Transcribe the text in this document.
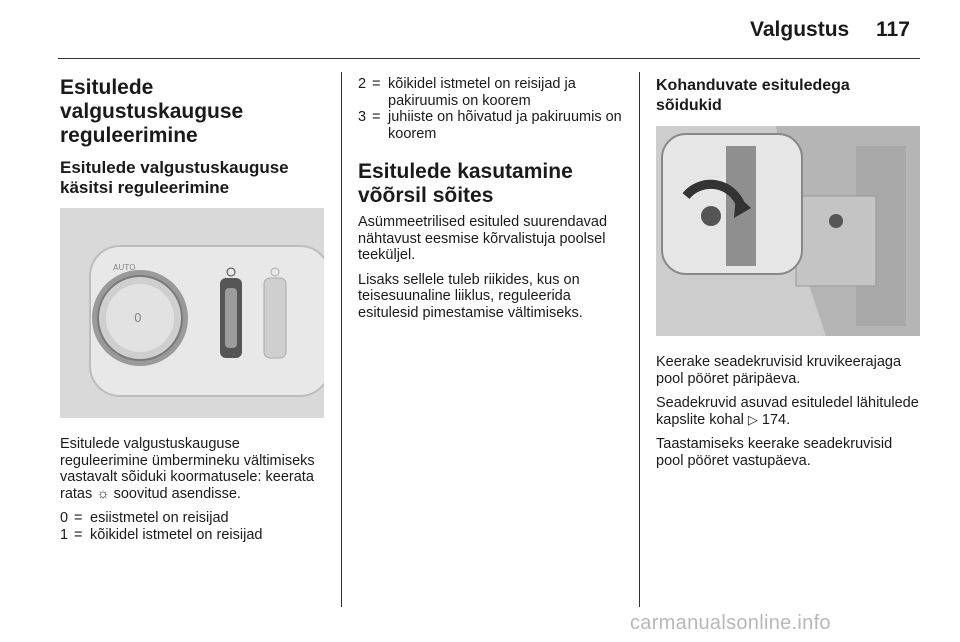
Valgustus 117
Esitulede valgustuskauguse reguleerimine
Esitulede valgustuskauguse käsitsi reguleerimine
0
AUTO

Esitulede valgustuskauguse reguleerimine ümbermineku vältimiseks vastavalt sõiduki koormatusele: keerata ratas ☼ soovitud asendisse.

0 = esiistmetel on reisijad
1 = kõikidel istmetel on reisijad
2 = kõikidel istmetel on reisijad ja pakiruumis on koorem
3 = juhiiste on hõivatud ja pakiruumis on koorem
Esitulede kasutamine võõrsil sõites

Asümmeetrilised esituled suurendavad nähtavust eesmise kõrvalistuja poolsel teeküljel.

Lisaks sellele tuleb riikides, kus on teisesuunaline liiklus, reguleerida esitulesid pimestamise vältimiseks.

Kohanduvate esituledega sõidukid

Keerake seadekruvisid kruvikeerajaga pool pööret päripäeva.

Seadekruvid asuvad esituledel lähitulede kapslite kohal ▷ 174.

Taastamiseks keerake seadekruvisid pool pööret vastupäeva.

carmanualsonline.info
